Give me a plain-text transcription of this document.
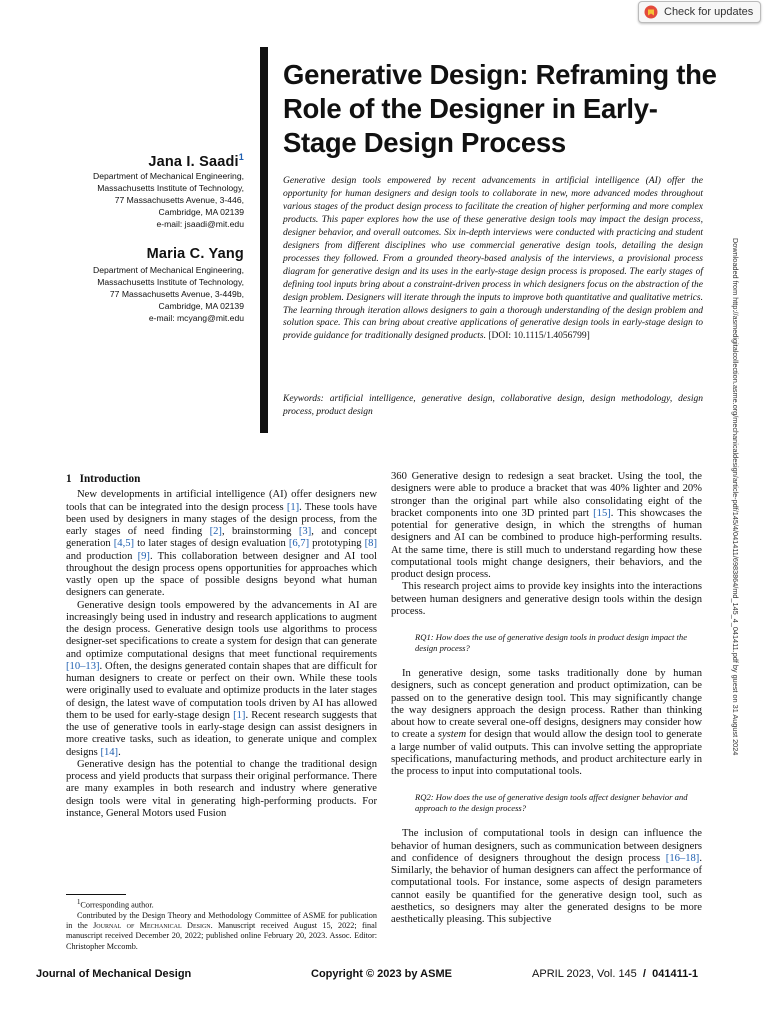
Check for updates
Jana I. Saadi$^1$
Department of Mechanical Engineering,
Massachusetts Institute of Technology,
77 Massachusetts Avenue, 3-446,
Cambridge, MA 02139
e-mail: jsaadi@mit.edu
Maria C. Yang
Department of Mechanical Engineering,
Massachusetts Institute of Technology,
77 Massachusetts Avenue, 3-449b,
Cambridge, MA 02139
e-mail: mcyang@mit.edu
Generative Design: Reframing the Role of the Designer in Early-Stage Design Process

Generative design tools empowered by recent advancements in artificial intelligence (AI) offer the opportunity for human designers and design tools to collaborate in new, more advanced modes throughout various stages of the product design process to facilitate the creation of higher performing and more complex products. This paper explores how the use of these generative design tools may impact the design process, designer behavior, and overall outcomes. Six in-depth interviews were conducted with practicing and student designers from different disciplines who use commercial generative design tools, detailing the design processes they followed. From a grounded theory-based analysis of the interviews, a provisional process diagram for generative design and its uses in the early-stage design process is proposed. The early stages of defining tool inputs bring about a constraint-driven process in which designers focus on the abstraction of the design problem. Designers will iterate through the inputs to improve both quantitative and qualitative metrics. The learning through iteration allows designers to gain a thorough understanding of the design problem and solution space. This can bring about creative applications of generative design tools in early-stage design to provide guidance for traditionally designed products. [DOI: 10.1115/1.4056799]

Keywords: artificial intelligence, generative design, collaborative design, design methodology, design process, product design	Downloaded from http://asmedigitalcollection.asme.org/mechanicaldesign/article-pdf/145/4/041411/6983864/md_145_4_041411.pdf by guest on 31 August 2024
1 Introduction

New developments in artificial intelligence (AI) offer designers new tools that can be integrated into the design process [1]. These tools have been used by designers in many stages of the design process, from the early stages of need finding [2], brainstorming [3], and concept generation [4,5] to later stages of design evaluation [6,7] prototyping [8] and production [9]. This collaboration between designer and AI tool throughout the design process opens opportunities for approaches which vastly open up the space of possible designs beyond what human designers can generate.

Generative design tools empowered by the advancements in AI are increasingly being used in industry and research applications to augment the design process. Generative design tools use algorithms to process designer-set specifications to create a system for design that can generate and optimize computational designs that meet functional requirements [10–13]. Often, the designs generated contain shapes that are difficult for human designers to create or perfect on their own. While these tools were originally used to evaluate and optimize products in the later stages of design, the latest wave of computation tools driven by AI has allowed them to be used for early-stage design [1]. Recent research suggests that the use of generative tools in early-stage design can assist designers in more creative tasks, such as ideation, to generate unique and complex designs [14].

Generative design has the potential to change the traditional design process and yield products that surpass their original performance. There are many examples in both research and industry where generative design tools were vital in generating high-performing products. For instance, General Motors used Fusion

360 Generative design to redesign a seat bracket. Using the tool, the designers were able to produce a bracket that was 40% lighter and 20% stronger than the original part while also consolidating eight of the bracket components into one 3D printed part [15]. This showcases the potential for generative design, in which the strengths of human designers and AI can be combined to produce high-performing results. At the same time, there is still much to understand regarding how these computational tools might change designers, their behaviors, and the product design process.

This research project aims to provide key insights into the interactions between human designers and generative design tools within the design process.

RQ1: How does the use of generative design tools in product design impact the design process?

In generative design, some tasks traditionally done by human designers, such as concept generation and product optimization, can be passed on to the generative design tool. This may significantly change the way designers approach the design process. Rather than thinking about how to create several one-off designs, designers may consider how to create a system for design that would allow the design tool to generate a large number of valid outputs. This can involve setting the appropriate specifications, manufacturing methods, and product architecture early in the process to input into computational tools.

RQ2: How does the use of generative design tools affect designer behavior and approach to the design process?

The inclusion of computational tools in design can influence the behavior of human designers, such as communication between designers and confidence of designers throughout the design process [16–18]. Similarly, the behavior of human designers can affect the performance of computational tools. For instance, some aspects of design parameters cannot easily be quantified for the generative design tool, such as aesthetics, so designers may alter the generated designs to be more aesthetically pleasing. This subjective

$^1$Corresponding author.

Contributed by the Design Theory and Methodology Committee of ASME for publication in the Journal of Mechanical Design. Manuscript received August 15, 2022; final manuscript received December 20, 2022; published online February 20, 2023. Assoc. Editor: Christopher Mccomb.

Journal of Mechanical Design	Copyright © 2023 by ASME	APRIL 2023, Vol. 145 / 041411-1
